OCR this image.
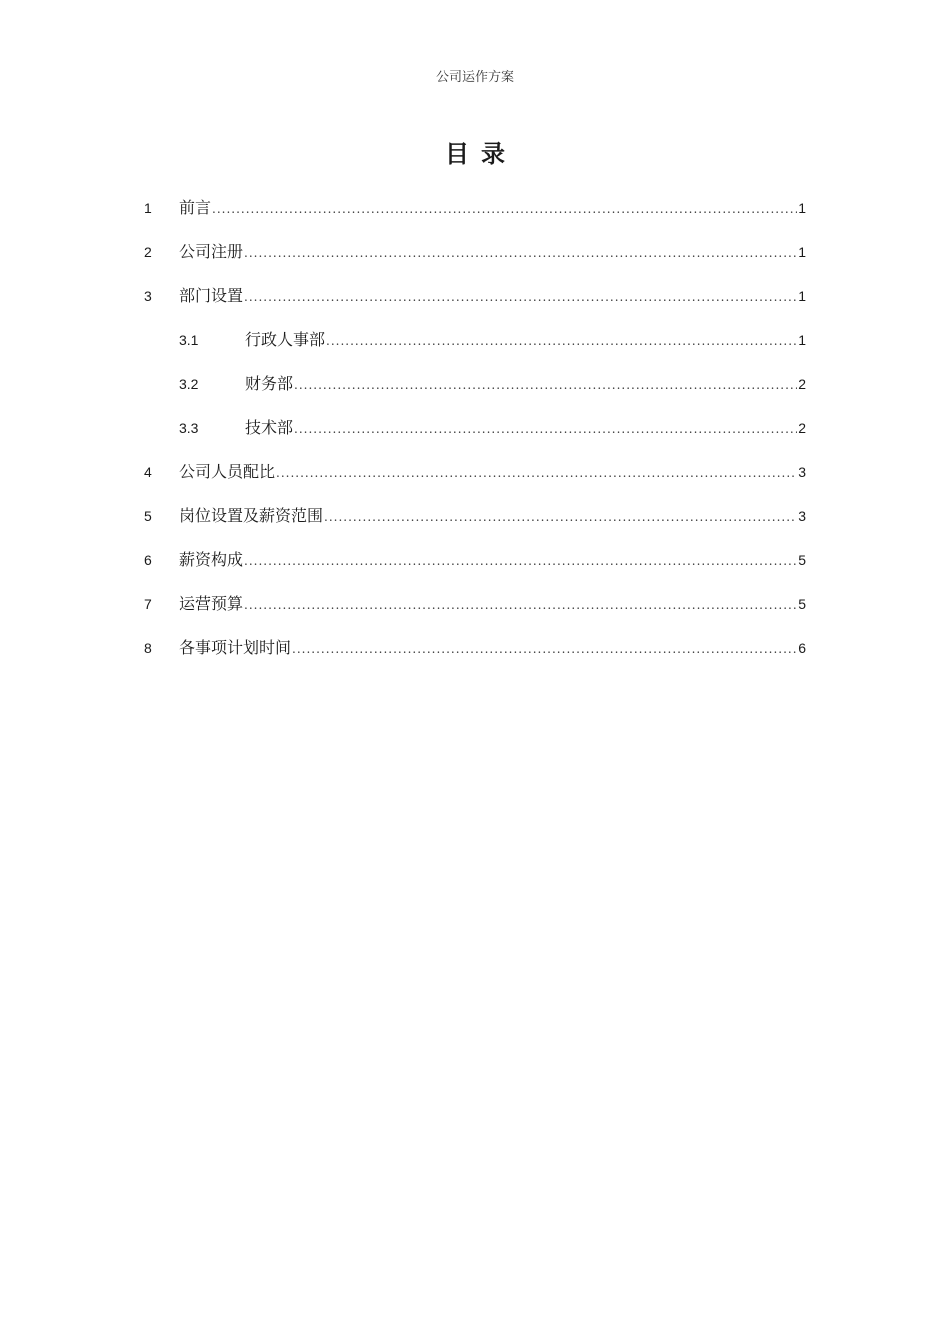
公司运作方案
目录
1	前言 .....	1
2	公司注册 .....	1
3	部门设置 .....	1
3.1	行政人事部 .....	1
3.2	财务部 .....	2
3.3	技术部 .....	2
4	公司人员配比 .....	3
5	岗位设置及薪资范围 .....	3
6	薪资构成 .....	5
7	运营预算 .....	5
8	各事项计划时间 .....	6
